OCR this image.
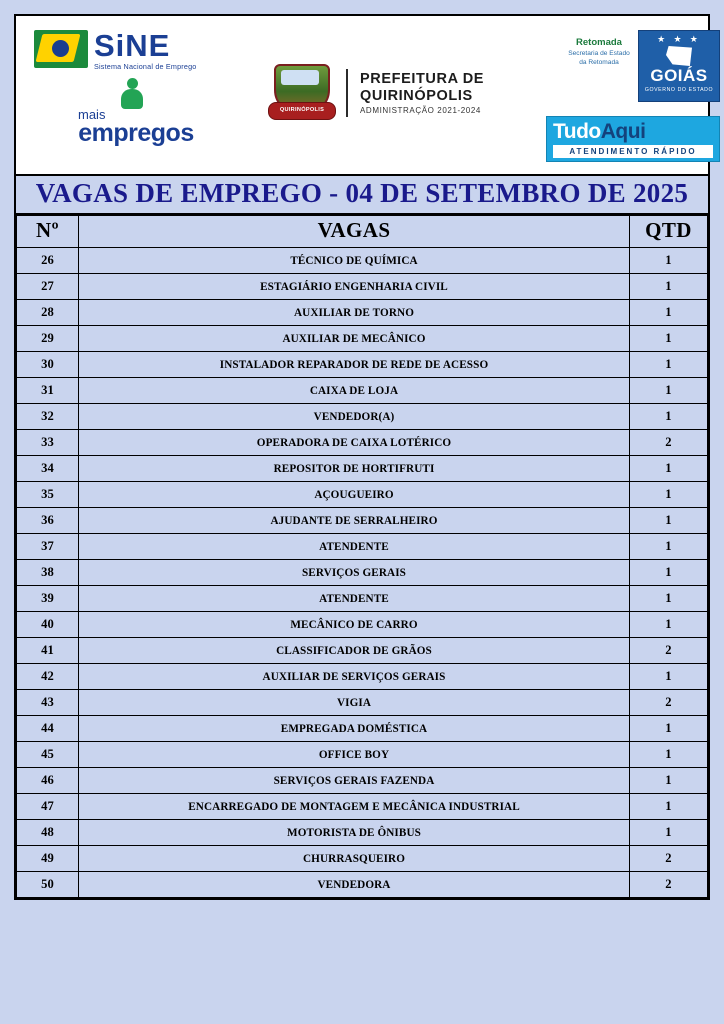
SiNE
Sistema Nacional de Emprego
mais
empregos
QUIRINÓPOLIS
PREFEITURA DE
QUIRINÓPOLIS
ADMINISTRAÇÃO 2021-2024
Retomada
Secretaria de Estado da Retomada
★ ★ ★
GOIÁS
GOVERNO DO ESTADO
TudoAqui
ATENDIMENTO RÁPIDO
VAGAS DE EMPREGO - 04 DE SETEMBRO DE 2025
Nº	VAGAS	QTD
26	TÉCNICO DE QUÍMICA	1
27	ESTAGIÁRIO ENGENHARIA CIVIL	1
28	AUXILIAR DE TORNO	1
29	AUXILIAR DE MECÂNICO	1
30	INSTALADOR REPARADOR DE REDE DE ACESSO	1
31	CAIXA DE LOJA	1
32	VENDEDOR(A)	1
33	OPERADORA DE CAIXA LOTÉRICO	2
34	REPOSITOR DE HORTIFRUTI	1
35	AÇOUGUEIRO	1
36	AJUDANTE DE SERRALHEIRO	1
37	ATENDENTE	1
38	SERVIÇOS GERAIS	1
39	ATENDENTE	1
40	MECÂNICO DE CARRO	1
41	CLASSIFICADOR DE GRÃOS	2
42	AUXILIAR DE SERVIÇOS GERAIS	1
43	VIGIA	2
44	EMPREGADA DOMÉSTICA	1
45	OFFICE BOY	1
46	SERVIÇOS GERAIS FAZENDA	1
47	ENCARREGADO DE MONTAGEM E MECÂNICA INDUSTRIAL	1
48	MOTORISTA DE ÔNIBUS	1
49	CHURRASQUEIRO	2
50	VENDEDORA	2
